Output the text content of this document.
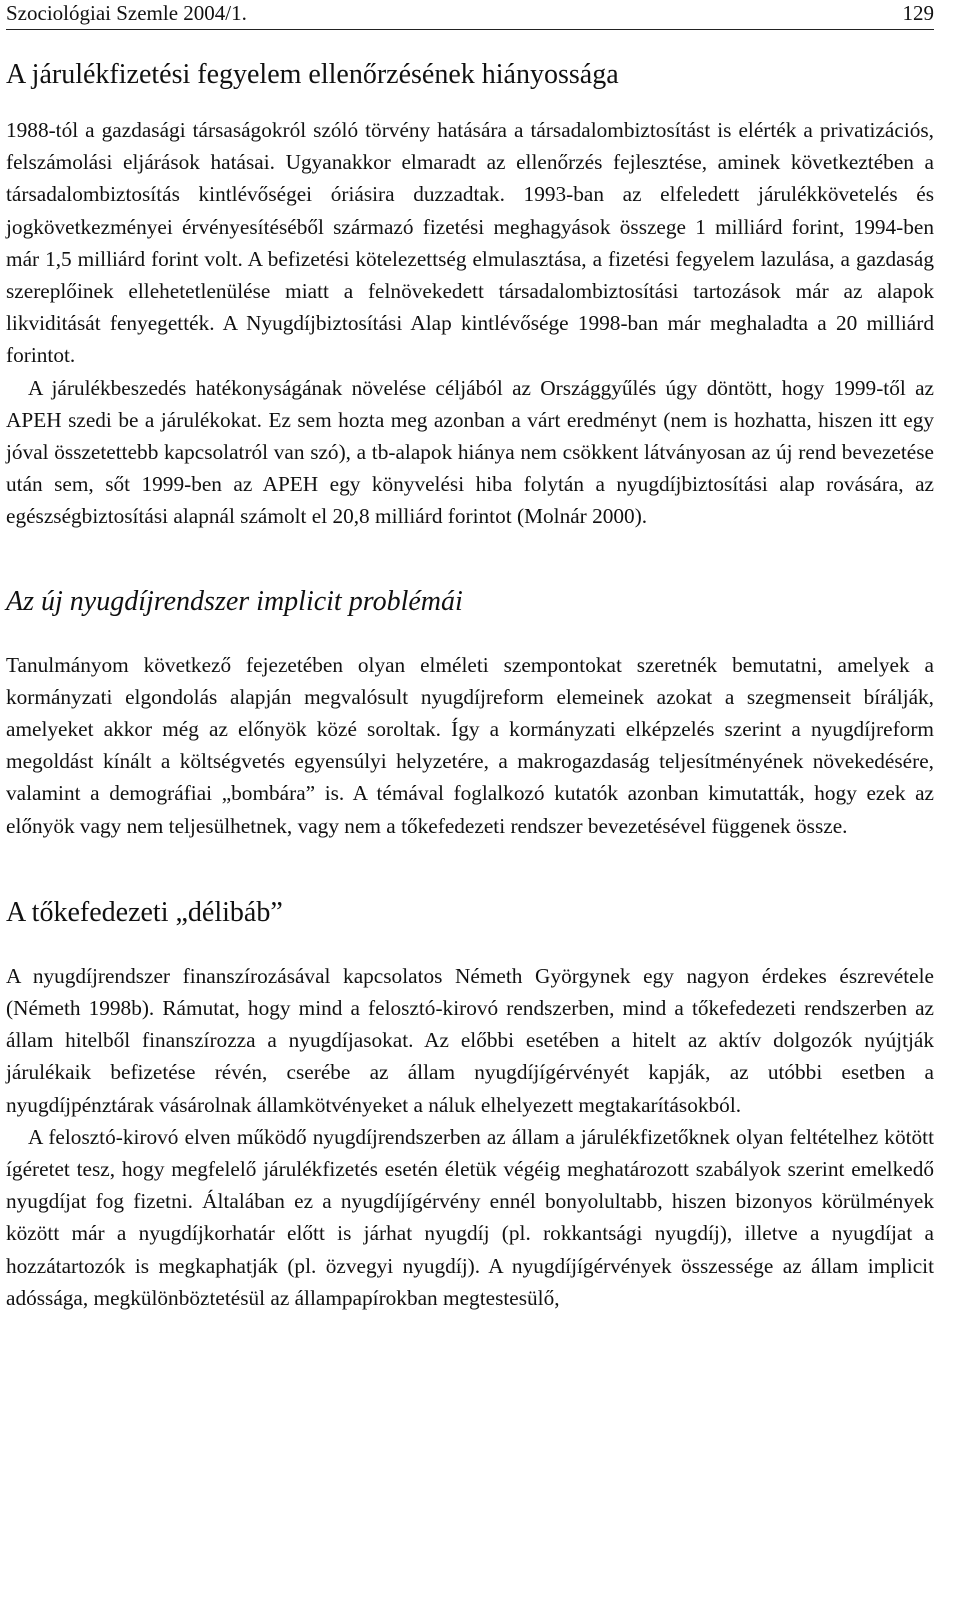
Szociológiai Szemle 2004/1.	129
A járulékfizetési fegyelem ellenőrzésének hiányossága

1988-tól a gazdasági társaságokról szóló törvény hatására a társadalombiztosítást is elérték a privatizációs, felszámolási eljárások hatásai. Ugyanakkor elmaradt az ellenőrzés fejlesztése, aminek következtében a társadalombiztosítás kintlévőségei óriásira duzzadtak. 1993-ban az elfeledett járulékkövetelés és jogkövetkezményei érvényesítéséből származó fizetési meghagyások összege 1 milliárd forint, 1994-ben már 1,5 milliárd forint volt. A befizetési kötelezettség elmulasztása, a fizetési fegyelem lazulása, a gazdaság szereplőinek ellehetetlenülése miatt a felnövekedett társadalombiztosítási tartozások már az alapok likviditását fenyegették. A Nyugdíjbiztosítási Alap kintlévősége 1998-ban már meghaladta a 20 milliárd forintot.

A járulékbeszedés hatékonyságának növelése céljából az Országgyűlés úgy döntött, hogy 1999-től az APEH szedi be a járulékokat. Ez sem hozta meg azonban a várt eredményt (nem is hozhatta, hiszen itt egy jóval összetettebb kapcsolatról van szó), a tb-alapok hiánya nem csökkent látványosan az új rend bevezetése után sem, sőt 1999-ben az APEH egy könyvelési hiba folytán a nyugdíjbiztosítási alap rovására, az egészségbiztosítási alapnál számolt el 20,8 milliárd forintot (Molnár 2000).

Az új nyugdíjrendszer implicit problémái

Tanulmányom következő fejezetében olyan elméleti szempontokat szeretnék bemutatni, amelyek a kormányzati elgondolás alapján megvalósult nyugdíjreform elemeinek azokat a szegmenseit bírálják, amelyeket akkor még az előnyök közé soroltak. Így a kormányzati elképzelés szerint a nyugdíjreform megoldást kínált a költségvetés egyensúlyi helyzetére, a makrogazdaság teljesítményének növekedésére, valamint a demográfiai „bombára” is. A témával foglalkozó kutatók azonban kimutatták, hogy ezek az előnyök vagy nem teljesülhetnek, vagy nem a tőkefedezeti rendszer bevezetésével függenek össze.

A tőkefedezeti „délibáb”

A nyugdíjrendszer finanszírozásával kapcsolatos Németh Györgynek egy nagyon érdekes észrevétele (Németh 1998b). Rámutat, hogy mind a felosztó-kirovó rendszerben, mind a tőkefedezeti rendszerben az állam hitelből finanszírozza a nyugdíjasokat. Az előbbi esetében a hitelt az aktív dolgozók nyújtják járulékaik befizetése révén, cserébe az állam nyugdíjígérvényét kapják, az utóbbi esetben a nyugdíjpénztárak vásárolnak államkötvényeket a náluk elhelyezett megtakarításokból.

A felosztó-kirovó elven működő nyugdíjrendszerben az állam a járulékfizetőknek olyan feltételhez kötött ígéretet tesz, hogy megfelelő járulékfizetés esetén életük végéig meghatározott szabályok szerint emelkedő nyugdíjat fog fizetni. Általában ez a nyugdíjígérvény ennél bonyolultabb, hiszen bizonyos körülmények között már a nyugdíjkorhatár előtt is járhat nyugdíj (pl. rokkantsági nyugdíj), illetve a nyugdíjat a hozzátartozók is megkaphatják (pl. özvegyi nyugdíj). A nyugdíjígérvények összessége az állam implicit adóssága, megkülönböztetésül az állampapírokban megtestesülő,
